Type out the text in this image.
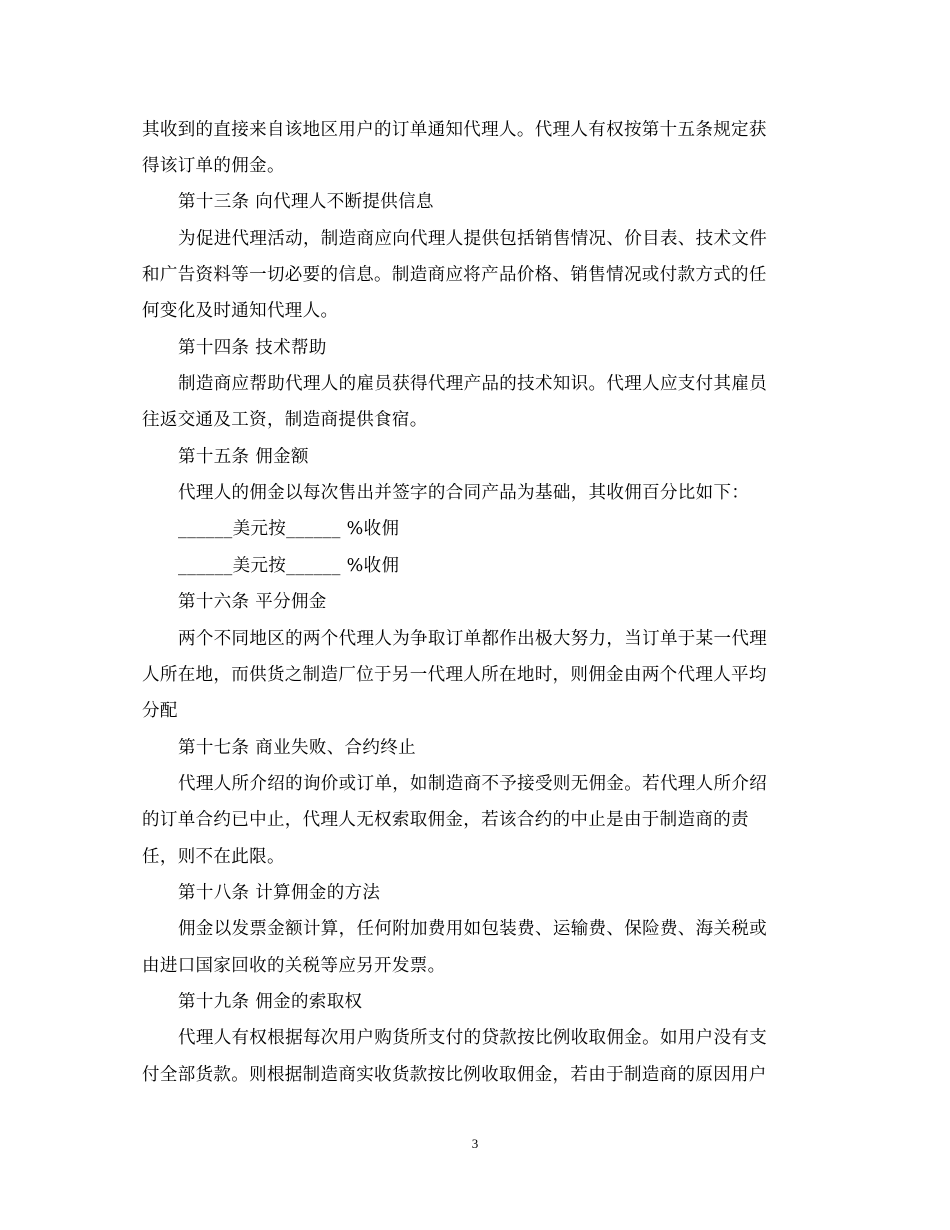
其收到的直接来自该地区用户的订单通知代理人。代理人有权按第十五条规定获
得该订单的佣金。
第十三条 向代理人不断提供信息
为促进代理活动，制造商应向代理人提供包括销售情况、价目表、技术文件
和广告资料等一切必要的信息。制造商应将产品价格、销售情况或付款方式的任
何变化及时通知代理人。
第十四条 技术帮助
制造商应帮助代理人的雇员获得代理产品的技术知识。代理人应支付其雇员
往返交通及工资，制造商提供食宿。
第十五条 佣金额
代理人的佣金以每次售出并签字的合同产品为基础，其收佣百分比如下：
______美元按______ %收佣
______美元按______ %收佣
第十六条 平分佣金
两个不同地区的两个代理人为争取订单都作出极大努力，当订单于某一代理
人所在地，而供货之制造厂位于另一代理人所在地时，则佣金由两个代理人平均
分配
第十七条 商业失败、合约终止
代理人所介绍的询价或订单，如制造商不予接受则无佣金。若代理人所介绍
的订单合约已中止，代理人无权索取佣金，若该合约的中止是由于制造商的责
任，则不在此限。
第十八条 计算佣金的方法
佣金以发票金额计算，任何附加费用如包装费、运输费、保险费、海关税或
由进口国家回收的关税等应另开发票。
第十九条 佣金的索取权
代理人有权根据每次用户购货所支付的贷款按比例收取佣金。如用户没有支
付全部货款。则根据制造商实收货款按比例收取佣金，若由于制造商的原因用户
3
